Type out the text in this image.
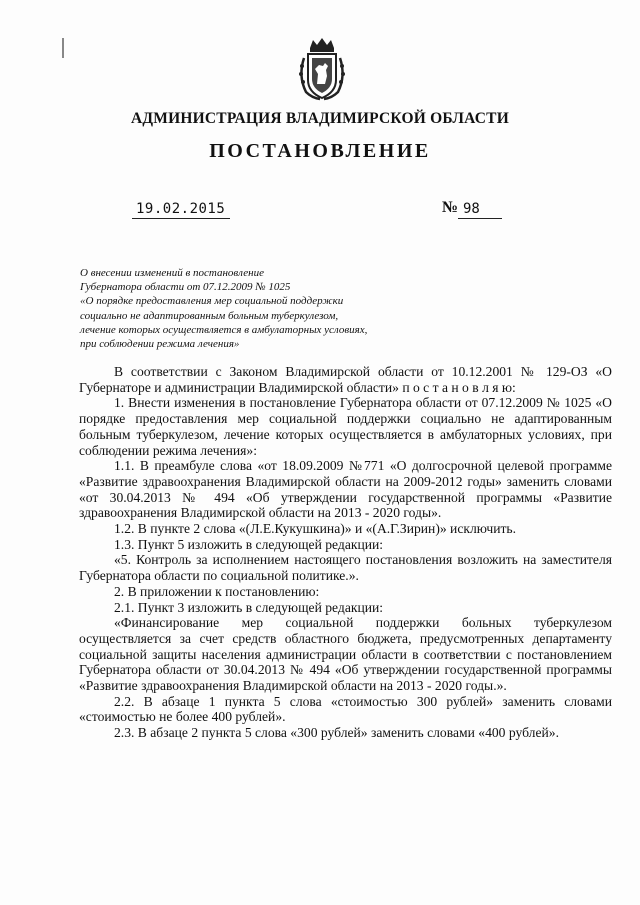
АДМИНИСТРАЦИЯ ВЛАДИМИРСКОЙ ОБЛАСТИ
ПОСТАНОВЛЕНИЕ
19.02.2015	№ 98
О внесении изменений в постановление
Губернатора области от 07.12.2009 № 1025
«О порядке предоставления мер социальной поддержки
социально не адаптированным больным туберкулезом,
лечение которых осуществляется в амбулаторных условиях,
при соблюдении режима лечения»

В соответствии с Законом Владимирской области от 10.12.2001 № 129-ОЗ «О Губернаторе и администрации Владимирской области» п о с т а н о в л я ю:

1. Внести изменения в постановление Губернатора области от 07.12.2009 № 1025 «О порядке предоставления мер социальной поддержки социально не адаптированным больным туберкулезом, лечение которых осуществляется в амбулаторных условиях, при соблюдении режима лечения»:

1.1. В преамбуле слова «от 18.09.2009 №771 «О долгосрочной целевой программе «Развитие здравоохранения Владимирской области на 2009-2012 годы» заменить словами «от 30.04.2013 № 494 «Об утверждении государственной программы «Развитие здравоохранения Владимирской области на 2013 - 2020 годы».

1.2. В пункте 2 слова «(Л.Е.Кукушкина)» и «(А.Г.Зирин)» исключить.

1.3. Пункт 5 изложить в следующей редакции:

«5. Контроль за исполнением настоящего постановления возложить на заместителя Губернатора области по социальной политике.».

2. В приложении к постановлению:

2.1. Пункт 3 изложить в следующей редакции:

«Финансирование мер социальной поддержки больных туберкулезом осуществляется за счет средств областного бюджета, предусмотренных департаменту социальной защиты населения администрации области в соответствии с постановлением Губернатора области от 30.04.2013 № 494 «Об утверждении государственной программы «Развитие здравоохранения Владимирской области на 2013 - 2020 годы.».

2.2. В абзаце 1 пункта 5 слова «стоимостью 300 рублей» заменить словами «стоимостью не более 400 рублей».

2.3. В абзаце 2 пункта 5 слова «300 рублей» заменить словами «400 рублей».
